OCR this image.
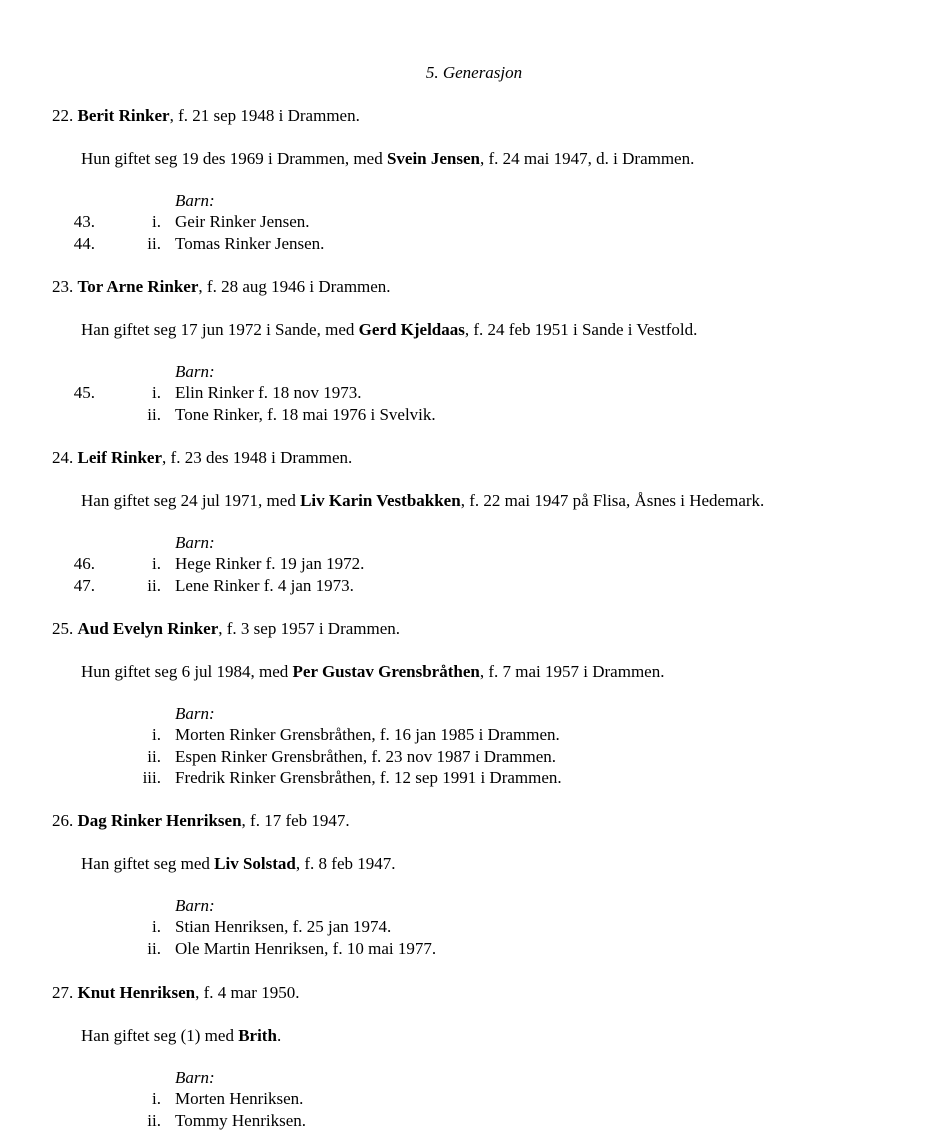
5. Generasjon
22. Berit Rinker, f. 21 sep 1948 i Drammen.
Hun giftet seg 19 des 1969 i Drammen, med Svein Jensen, f. 24 mai 1947, d. i Drammen.
Barn:
43.	i. Geir Rinker Jensen.
44.	ii. Tomas Rinker Jensen.
23. Tor Arne Rinker, f. 28 aug 1946 i Drammen.
Han giftet seg 17 jun 1972 i Sande, med Gerd Kjeldaas, f. 24 feb 1951 i Sande i Vestfold.
Barn:
45.	i. Elin Rinker f. 18 nov 1973.
ii. Tone Rinker, f. 18 mai 1976 i Svelvik.
24. Leif Rinker, f. 23 des 1948 i Drammen.
Han giftet seg 24 jul 1971, med Liv Karin Vestbakken, f. 22 mai 1947 på Flisa, Åsnes i Hedemark.
Barn:
46.	i. Hege Rinker f. 19 jan 1972.
47.	ii. Lene Rinker f. 4 jan 1973.
25. Aud Evelyn Rinker, f. 3 sep 1957 i Drammen.
Hun giftet seg 6 jul 1984, med Per Gustav Grensbråthen, f. 7 mai 1957 i Drammen.
Barn:
i. Morten Rinker Grensbråthen, f. 16 jan 1985 i Drammen.
ii. Espen Rinker Grensbråthen, f. 23 nov 1987 i Drammen.
iii. Fredrik Rinker Grensbråthen, f. 12 sep 1991 i Drammen.
26. Dag Rinker Henriksen, f. 17 feb 1947.
Han giftet seg med Liv Solstad, f. 8 feb 1947.
Barn:
i. Stian Henriksen, f. 25 jan 1974.
ii. Ole Martin Henriksen, f. 10 mai 1977.
27. Knut Henriksen, f. 4 mar 1950.
Han giftet seg (1) med Brith.
Barn:
i. Morten Henriksen.
ii. Tommy Henriksen.
